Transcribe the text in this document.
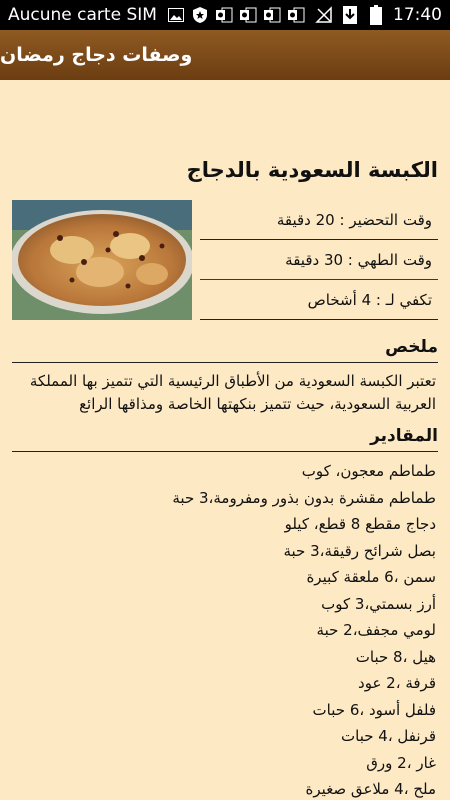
Aucune carte SIM	17:40
وصفات دجاج رمضان
الكبسة السعودية بالدجاج
وقت التحضير : 20 دقيقة
وقت الطهي : 30 دقيقة
تكفي لـ : 4 أشخاص
ملخص
تعتبر الكبسة السعودية من الأطباق الرئيسية التي تتميز بها المملكة العربية السعودية، حيث تتميز بنكهتها الخاصة ومذاقها الرائع
المقادير
طماطم معجون، كوب
طماطم مقشرة بدون بذور ومفرومة،3 حبة
دجاج مقطع 8 قطع، كيلو
بصل شرائح رقيقة،3 حبة
سمن ،6 ملعقة كبيرة
أرز بسمتي،3 كوب
لومي مجفف،2 حبة
هيل ،8 حبات
قرفة ،2 عود
فلفل أسود ،6 حبات
قرنفل ،4 حبات
غار ،2 ورق
ملح ،4 ملاعق صغيرة
